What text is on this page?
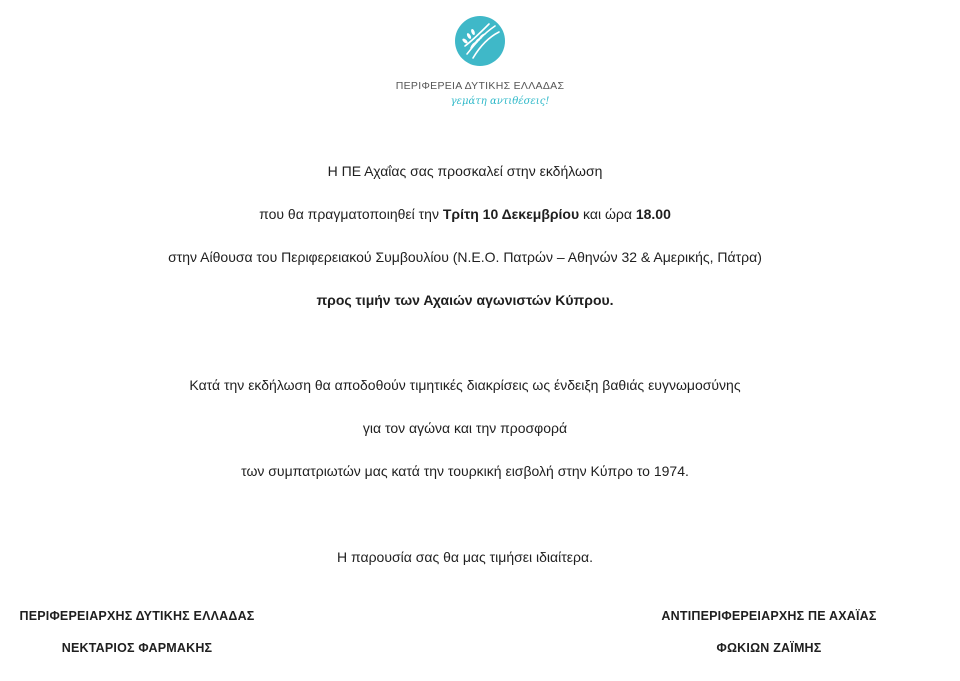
ΠΕΡΙΦΕΡΕΙΑ ΔΥΤΙΚΗΣ ΕΛΛΑΔΑΣ
γεμάτη αντιθέσεις!
Η ΠΕ Αχαΐας σας προσκαλεί στην εκδήλωση
που θα πραγματοποιηθεί την Τρίτη 10 Δεκεμβρίου και ώρα 18.00
στην Αίθουσα του Περιφερειακού Συμβουλίου (Ν.Ε.Ο. Πατρών – Αθηνών 32 & Αμερικής, Πάτρα)
προς τιμήν των Αχαιών αγωνιστών Κύπρου.
Κατά την εκδήλωση θα αποδοθούν τιμητικές διακρίσεις ως ένδειξη βαθιάς ευγνωμοσύνης
για τον αγώνα και την προσφορά
των συμπατριωτών μας κατά την τουρκική εισβολή στην Κύπρο το 1974.
Η παρουσία σας θα μας τιμήσει ιδιαίτερα.
ΠΕΡΙΦΕΡΕΙΑΡΧΗΣ ΔΥΤΙΚΗΣ ΕΛΛΑΔΑΣ
ΝΕΚΤΑΡΙΟΣ ΦΑΡΜΑΚΗΣ
ΑΝΤΙΠΕΡΙΦΕΡΕΙΑΡΧΗΣ ΠΕ ΑΧΑΪΑΣ
ΦΩΚΙΩΝ ΖΑΪΜΗΣ
